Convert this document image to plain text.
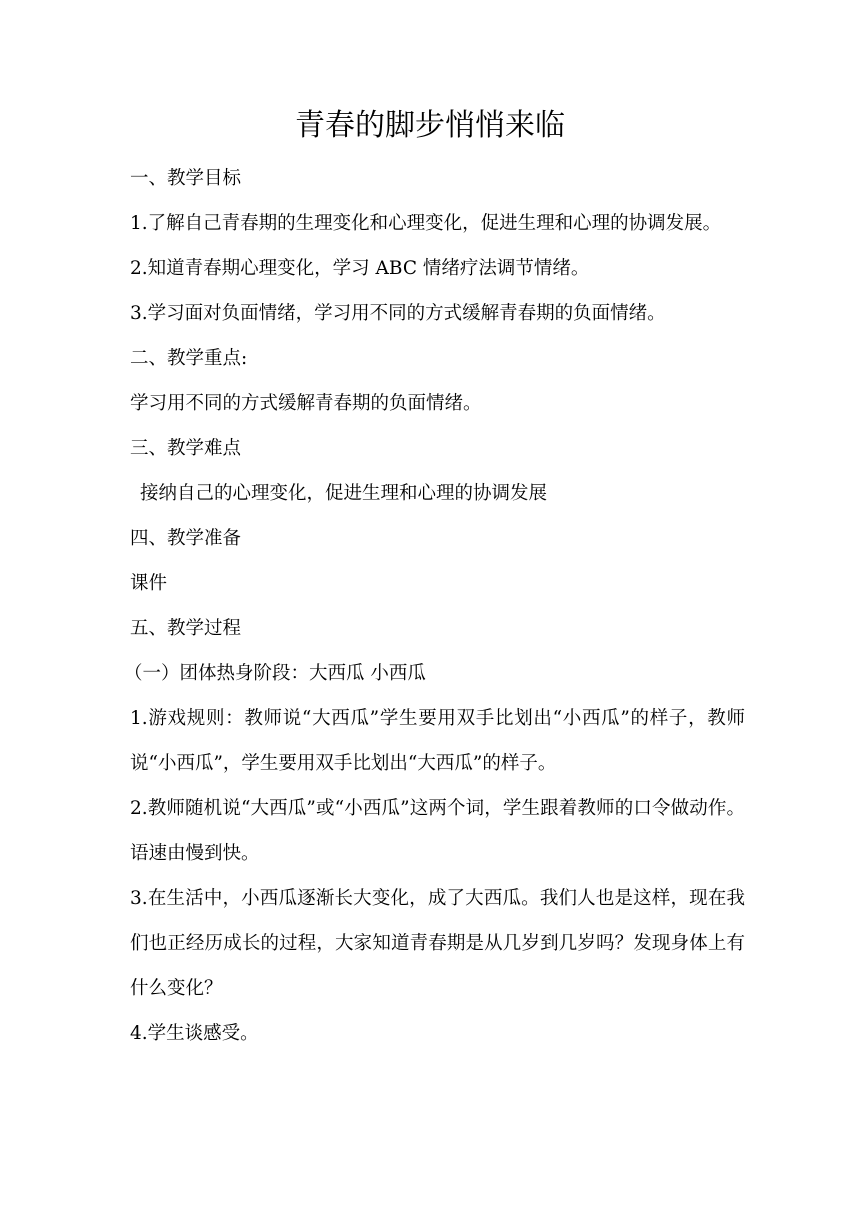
青春的脚步悄悄来临

一、教学目标

1.了解自己青春期的生理变化和心理变化，促进生理和心理的协调发展。

2.知道青春期心理变化，学习 ABC 情绪疗法调节情绪。

3.学习面对负面情绪，学习用不同的方式缓解青春期的负面情绪。

二、教学重点:

学习用不同的方式缓解青春期的负面情绪。

三、教学难点

接纳自己的心理变化，促进生理和心理的协调发展

四、教学准备

课件

五、教学过程

（一）团体热身阶段：大西瓜 小西瓜

1.游戏规则：教师说“大西瓜”学生要用双手比划出“小西瓜”的样子，教师说“小西瓜”，学生要用双手比划出“大西瓜”的样子。

2.教师随机说“大西瓜”或“小西瓜”这两个词，学生跟着教师的口令做动作。语速由慢到快。

3.在生活中，小西瓜逐渐长大变化，成了大西瓜。我们人也是这样，现在我们也正经历成长的过程，大家知道青春期是从几岁到几岁吗？发现身体上有什么变化？

4.学生谈感受。
